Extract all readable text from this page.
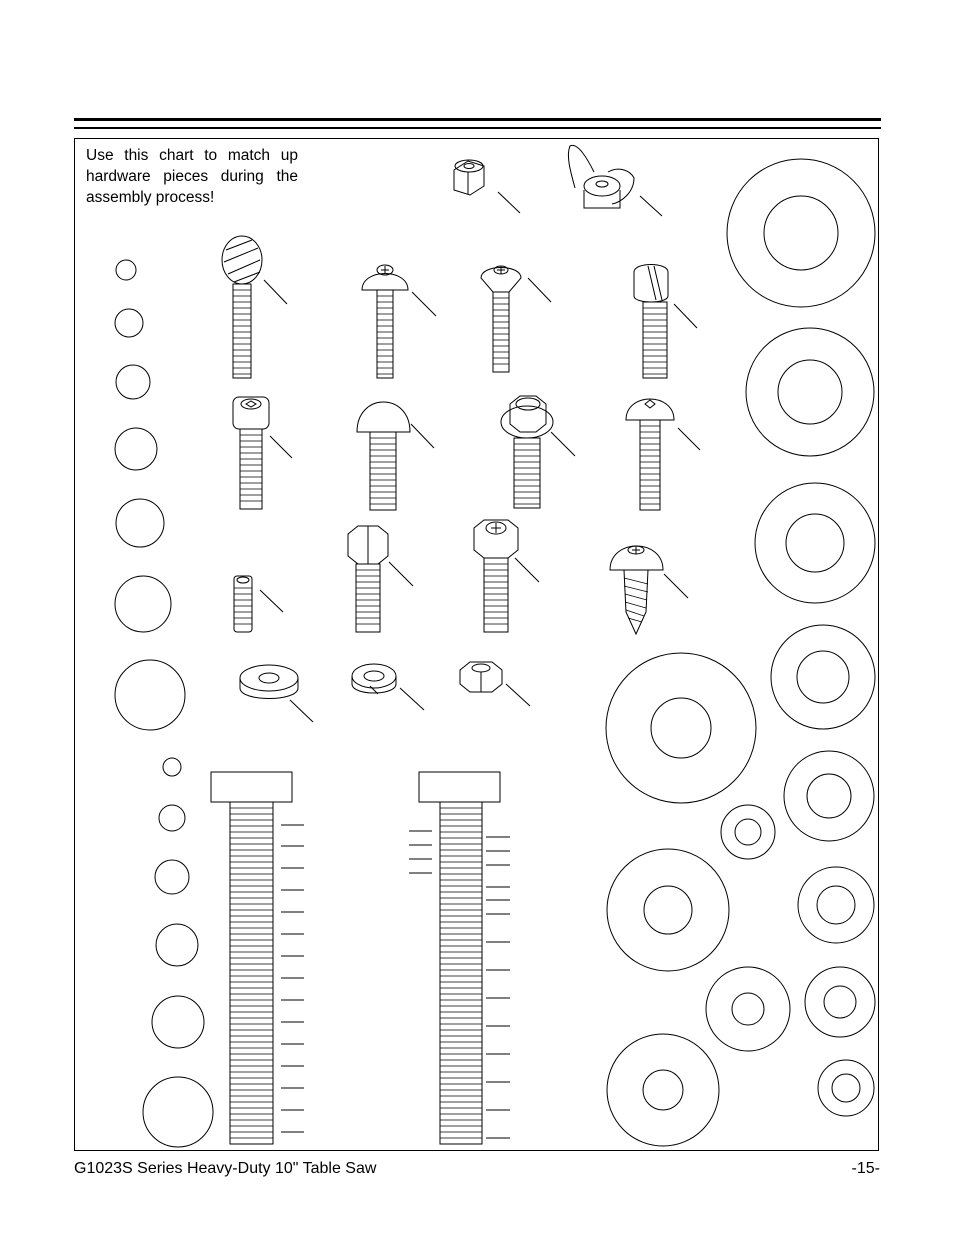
Use this chart to match up hardware pieces during the assembly process!
G1023S Series Heavy-Duty 10" Table Saw	-15-
